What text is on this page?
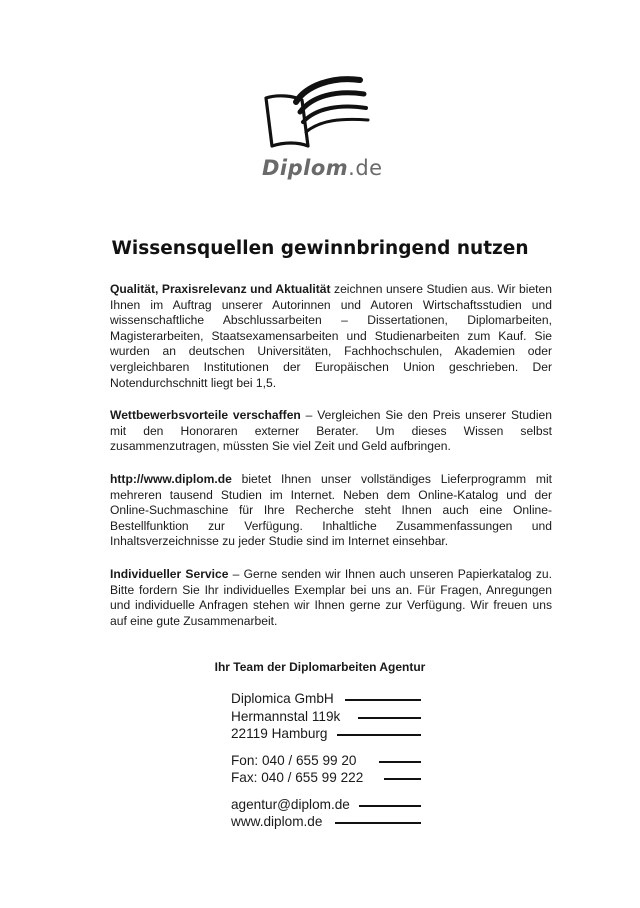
Diplom.de
Wissensquellen gewinnbringend nutzen

Qualität, Praxisrelevanz und Aktualität zeichnen unsere Studien aus. Wir bieten Ihnen im Auftrag unserer Autorinnen und Autoren Wirtschaftsstudien und wissenschaftliche Abschlussarbeiten – Dissertationen, Diplomarbeiten, Magisterarbeiten, Staatsexamensarbeiten und Studienarbeiten zum Kauf. Sie wurden an deutschen Universitäten, Fachhochschulen, Akademien oder vergleichbaren Institutionen der Europäischen Union geschrieben. Der Notendurchschnitt liegt bei 1,5.

Wettbewerbsvorteile verschaffen – Vergleichen Sie den Preis unserer Studien mit den Honoraren externer Berater. Um dieses Wissen selbst zusammenzutragen, müssten Sie viel Zeit und Geld aufbringen.

http://www.diplom.de bietet Ihnen unser vollständiges Lieferprogramm mit mehreren tausend Studien im Internet. Neben dem Online-Katalog und der Online-Suchmaschine für Ihre Recherche steht Ihnen auch eine Online-Bestellfunktion zur Verfügung. Inhaltliche Zusammenfassungen und Inhaltsverzeichnisse zu jeder Studie sind im Internet einsehbar.

Individueller Service – Gerne senden wir Ihnen auch unseren Papierkatalog zu. Bitte fordern Sie Ihr individuelles Exemplar bei uns an. Für Fragen, Anregungen und individuelle Anfragen stehen wir Ihnen gerne zur Verfügung. Wir freuen uns auf eine gute Zusammenarbeit.

Ihr Team der Diplomarbeiten Agentur
Diplomica GmbH
Hermannstal 119k
22119 Hamburg
Fon: 040 / 655 99 20
Fax: 040 / 655 99 222
agentur@diplom.de
www.diplom.de
